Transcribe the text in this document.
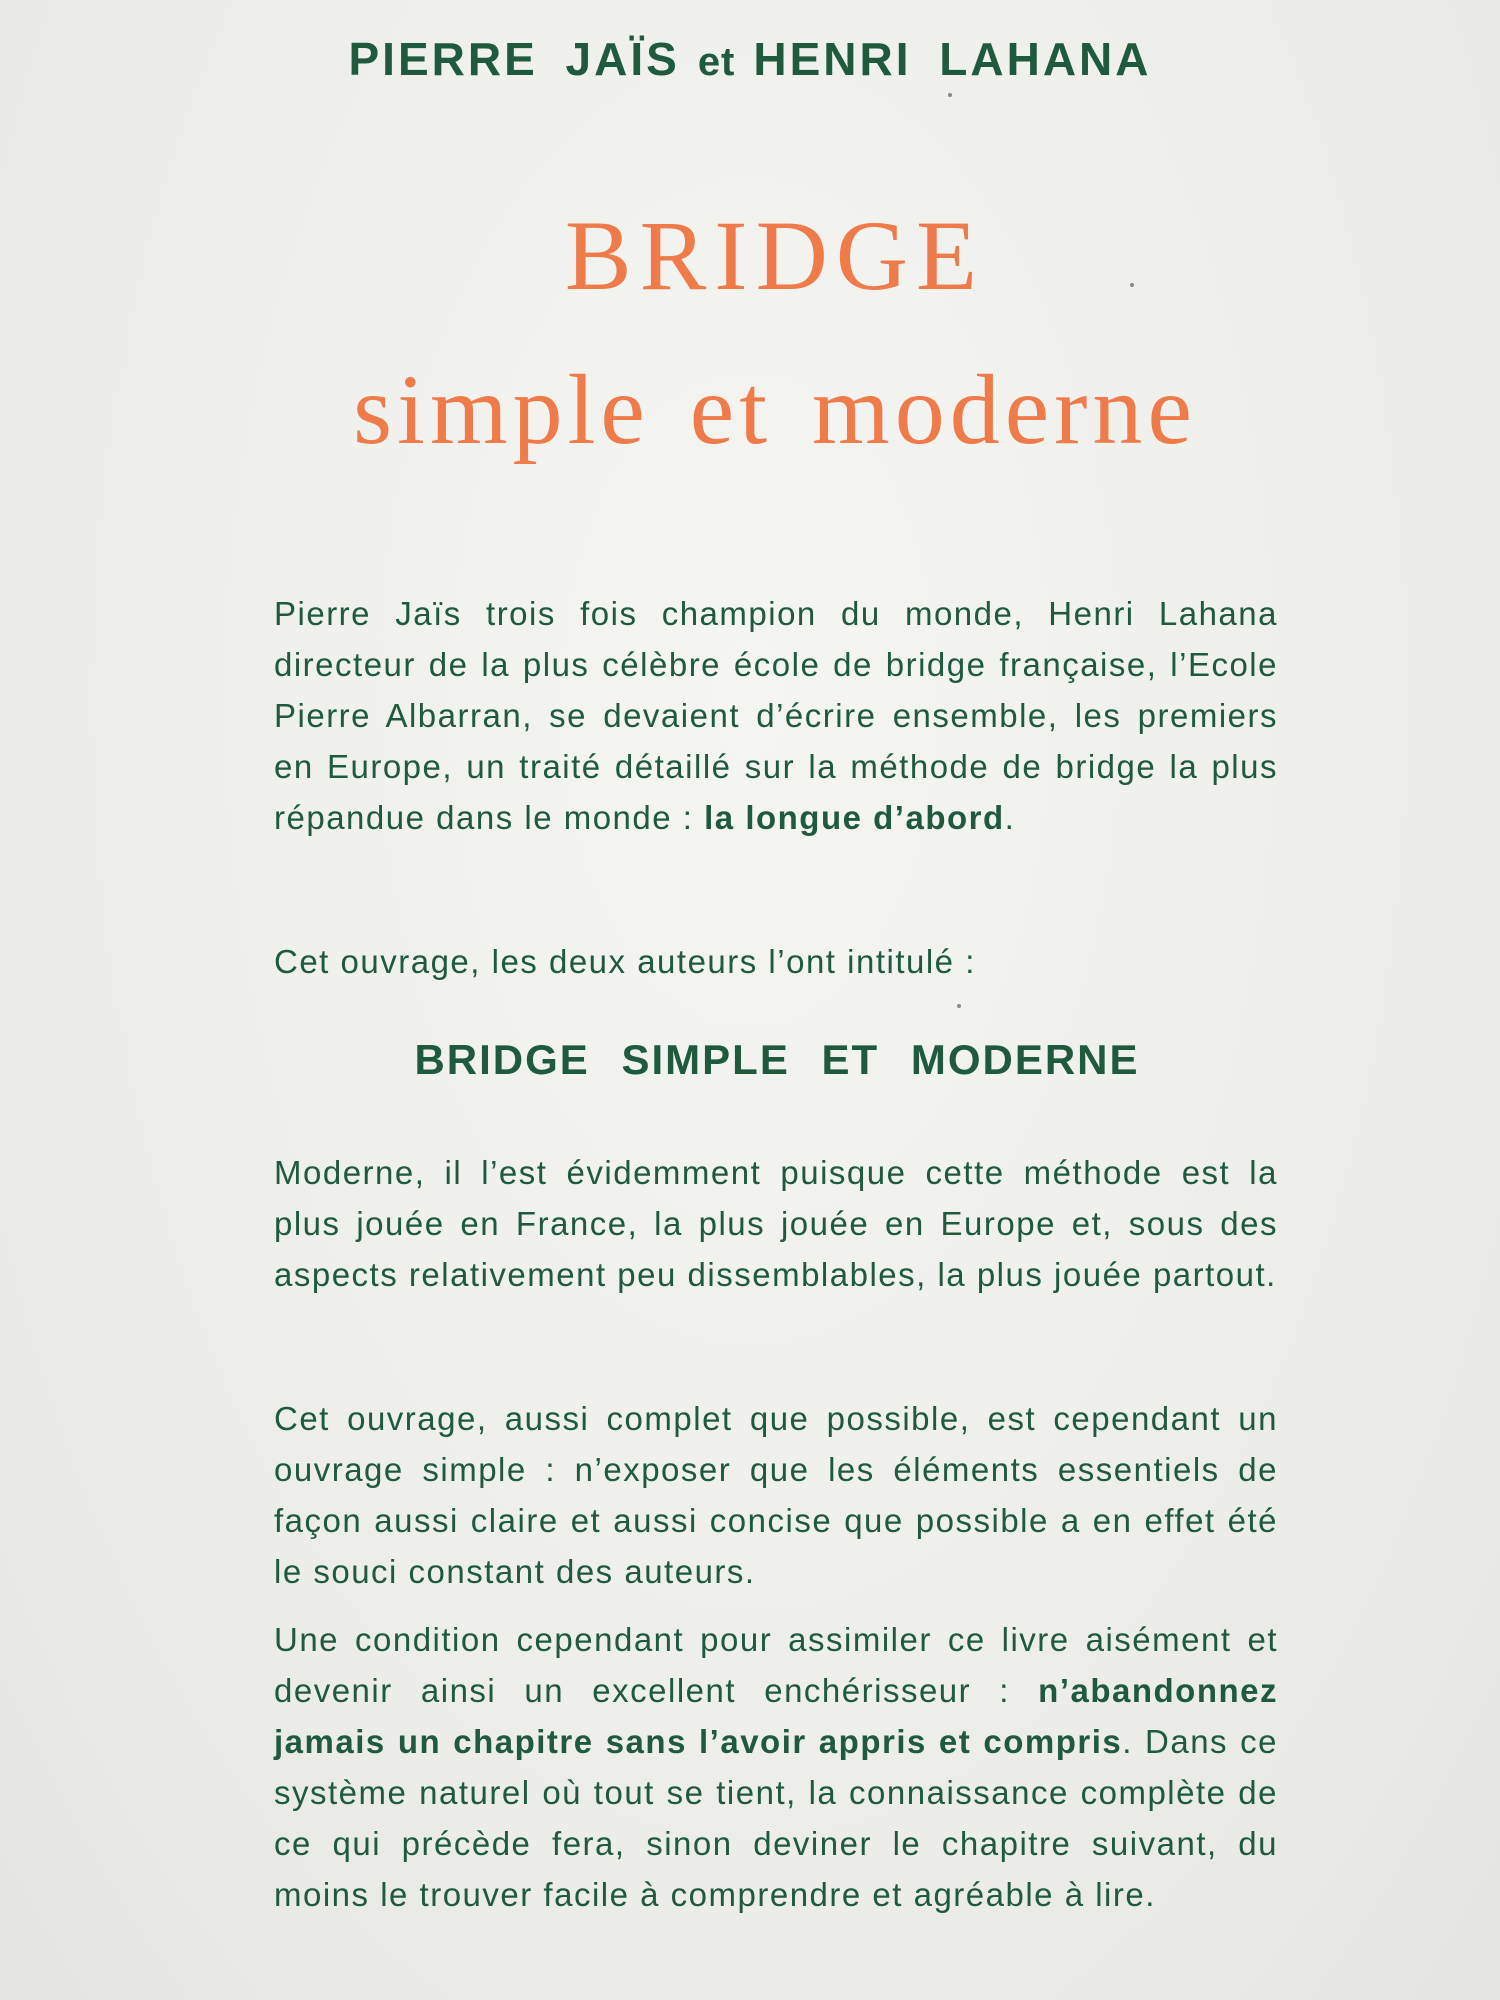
PIERRE JAÏS et HENRI LAHANA
BRIDGE
simple et moderne

Pierre Jaïs trois fois champion du monde, Henri Lahana directeur de la plus célèbre école de bridge française, l’Ecole Pierre Albarran, se devaient d’écrire ensemble, les premiers en Europe, un traité détaillé sur la méthode de bridge la plus répandue dans le monde : la longue d’abord.

Cet ouvrage, les deux auteurs l’ont intitulé :

BRIDGE SIMPLE ET MODERNE

Moderne, il l’est évidemment puisque cette méthode est la plus jouée en France, la plus jouée en Europe et, sous des aspects relativement peu dissemblables, la plus jouée partout.

Cet ouvrage, aussi complet que possible, est cependant un ouvrage simple : n’exposer que les éléments essentiels de façon aussi claire et aussi concise que possible a en effet été le souci constant des auteurs.

Une condition cependant pour assimiler ce livre aisément et devenir ainsi un excellent enchérisseur : n’abandonnez jamais un chapitre sans l’avoir appris et compris. Dans ce système naturel où tout se tient, la connaissance complète de ce qui précède fera, sinon deviner le chapitre suivant, du moins le trouver facile à comprendre et agréable à lire.
